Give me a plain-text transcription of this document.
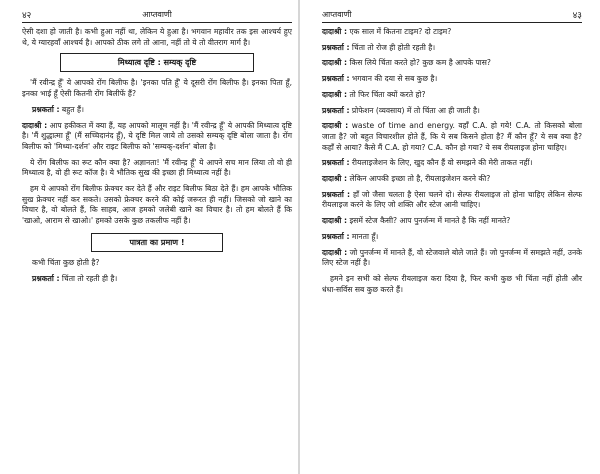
४२	आप्तवाणी

ऐसी दशा हो जाती है। कभी हुआ नहीं था, लेकिन ये हुआ है। भगवान महावीर तक इस आश्चर्य हुए थे, ये ग्यारहवाँ आश्चर्य है। आपको ठीक लगे तो आना, नहीं तो ये तो वीतराग मार्ग है।

मिथ्यात्व दृष्टि : सम्यक् दृष्टि

'मैं रवीन्द्र हूँ' ये आपको रोंग बिलीफ है। 'इनका पति हूँ' ये दूसरी रोंग बिलीफ है। इनका पिता हूँ, इनका भाई हूँ ऐसी कितनी रोंग बिलीफें हैं?

प्रश्नकर्ता : बहुत हैं।

दादाश्री : आप हकीकत में क्या हैं, यह आपको मालूम नहीं है। 'मैं रवीन्द्र हूँ' ये आपकी मिथ्यात्व दृष्टि है। 'मैं शुद्धात्मा हूँ' (मैं सच्चिदानंद हूँ), ये दृष्टि मिल जाये तो उसको सम्यक् दृष्टि बोला जाता है। रोंग बिलीफ को 'मिथ्या-दर्शन' और राइट बिलीफ को 'सम्यक्-दर्शन' बोला है।

ये रोंग बिलीफ का रूट कौन क्या है? अज्ञानता! 'मैं रवीन्द्र हूँ' ये आपने सच मान लिया तो वो ही मिथ्यात्व है, वो ही रूट कॉज है। ये भौतिक सुख की इच्छा ही मिथ्यात्व नहीं है।

हम ये आपको रोंग बिलीफ फ्रेक्चर कर देते हैं और राइट बिलीफ बिठा देते हैं। हम आपके भौतिक सुख फ्रेक्चर नहीं कर सकते। उसको फ्रेक्चर करने की कोई जरूरत ही नहीं। जिसको जो खाने का विचार है, वो बोलते हैं, कि साहब, आज हमको जलेबी खाने का विचार है। तो हम बोलते हैं कि 'खाओ, आराम से खाओ।' हमको उसके कुछ तकलीफ नहीं है।

पात्रता का प्रमाण !

कभी चिंता कुछ होती है?

प्रश्नकर्ता : चिंता तो रहती ही है।

आप्तवाणी	४३

दादाश्री : एक साल में कितना टाइम? दो टाइम?

प्रश्नकर्ता : चिंता तो रोज ही होती रहती है।

दादाश्री : किस लिये चिंता करते हो? कुछ कम है आपके पास?

प्रश्नकर्ता : भगवान की दया से सब कुछ है।

दादाश्री : तो फिर चिंता क्यों करते हो?

प्रश्नकर्ता : प्रोफेशन (व्यवसाय) में तो चिंता आ ही जाती है।

दादाश्री : waste of time and energy. वहाँ C.A. हो गये! C.A. तो किसको बोला जाता है? जो बहुत विचारशील होते हैं, कि ये सब किसने होता है? मैं कौन हूँ? ये सब क्या है? कहाँ से आया? कैसे मैं C.A. हो गया? C.A. कौन हो गया? ये सब रीयलाइज होना चाहिए।

प्रश्नकर्ता : रीयलाइजेशन के लिए, खुद कौन हैं वो समझने की मेरी ताकत नहीं।

दादाश्री : लेकिन आपकी इच्छा तो है, रीयलाइजेशन करने की?

प्रश्नकर्ता : हाँ जो जैसा चलता है ऐसा चलने दो। सेल्फ रीयलाइज तो होना चाहिए लेकिन सेल्फ रीयलाइज करने के लिए जो शक्ति और स्टेज आनी चाहिए।

दादाश्री : इसमें स्टेज कैसी? आप पुनर्जन्म में मानते है कि नहीं मानते?

प्रश्नकर्ता : मानता हूँ।

दादाश्री : जो पुनर्जन्म में मानते हैं, वो स्टेजवाले बोले जाते हैं। जो पुनर्जन्म में समझते नहीं, उनके लिए स्टेज नहीं है।

हमने इन सभी को सेल्फ रीयलाइज करा दिया है, फिर कभी कुछ भी चिंता नहीं होती और धंधा-सर्विस सब कुछ करते हैं।
